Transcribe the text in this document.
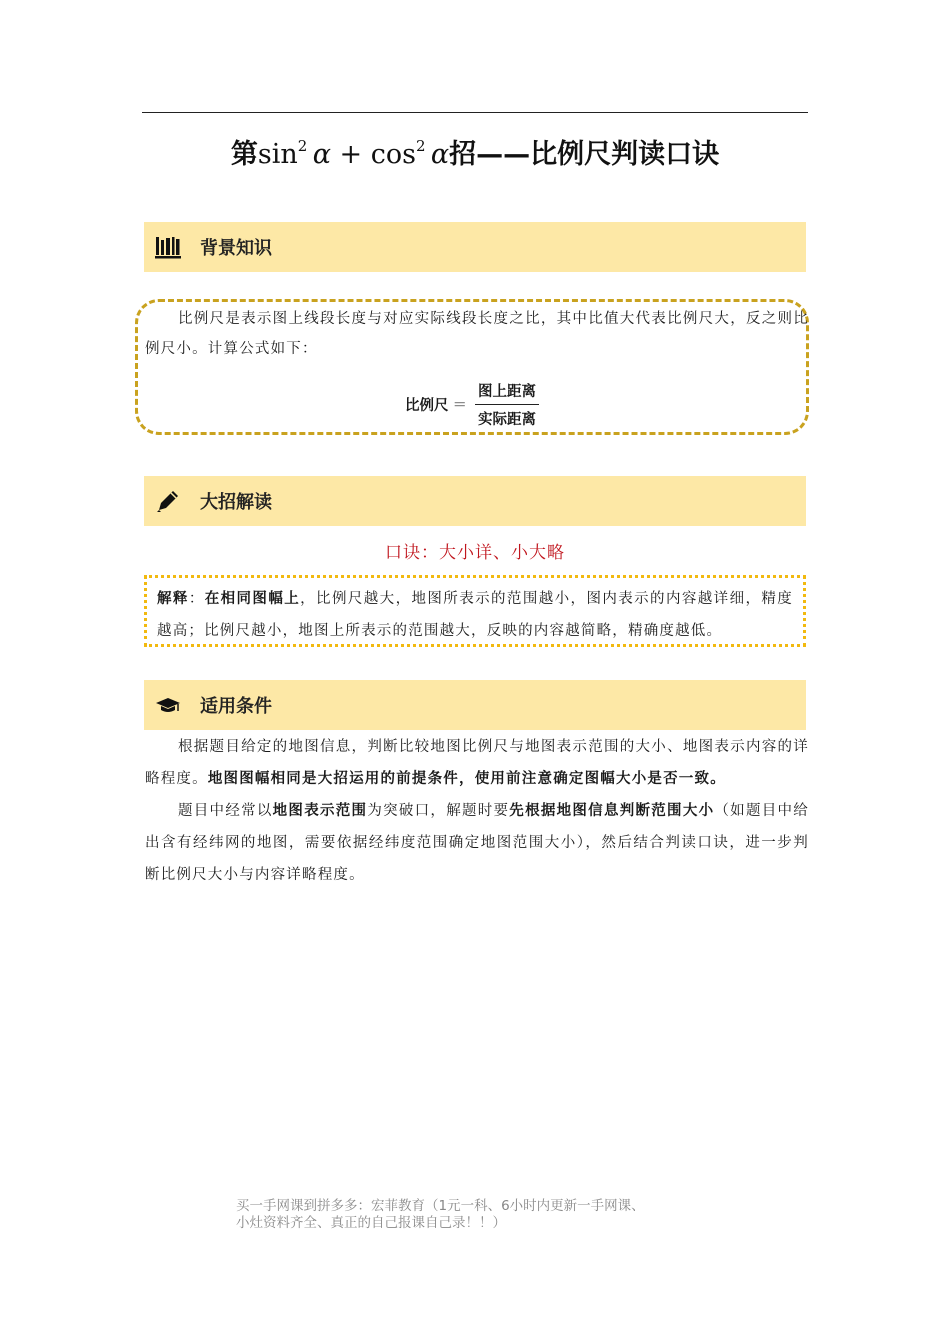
第$\sin^2 \alpha + \cos^2 \alpha$招——比例尺判读口诀
背景知识
比例尺是表示图上线段长度与对应实际线段长度之比，其中比值大代表比例尺大，反之则比例尺小。计算公式如下：
比例尺 ＝ $\frac{\text{图上距离}}{\text{实际距离}}$
大招解读
口诀：大小详、小大略
解释：在相同图幅上，比例尺越大，地图所表示的范围越小，图内表示的内容越详细，精度越高；比例尺越小，地图上所表示的范围越大，反映的内容越简略，精确度越低。
适用条件
根据题目给定的地图信息，判断比较地图比例尺与地图表示范围的大小、地图表示内容的详略程度。地图图幅相同是大招运用的前提条件，使用前注意确定图幅大小是否一致。
题目中经常以地图表示范围为突破口，解题时要先根据地图信息判断范围大小（如题目中给出含有经纬网的地图，需要依据经纬度范围确定地图范围大小），然后结合判读口诀，进一步判断比例尺大小与内容详略程度。
买一手网课到拼多多：宏菲教育（1元一科、6小时内更新一手网课、
小灶资料齐全、真正的自己报课自己录！！）
